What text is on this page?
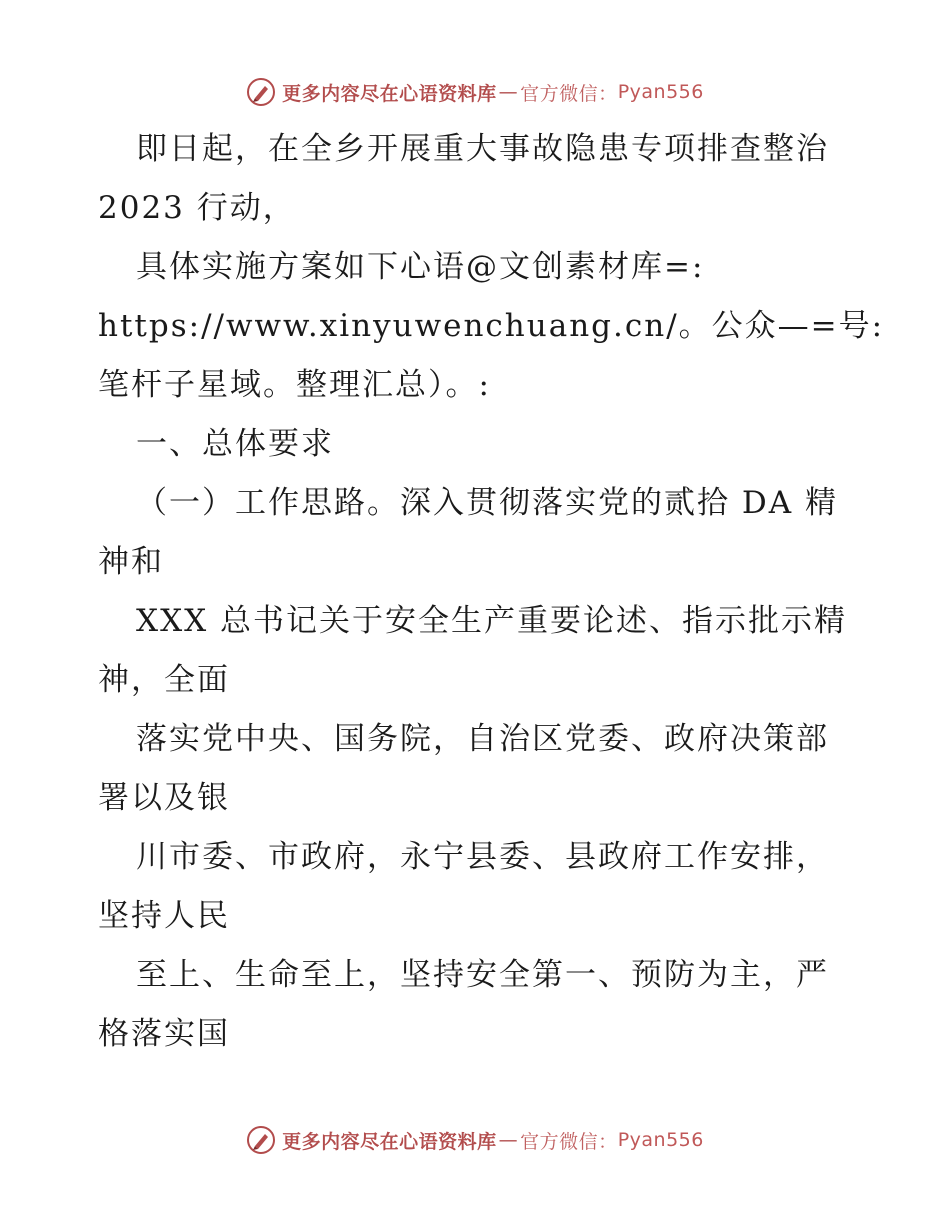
更多内容尽在心语资料库 — 官方微信： Pyan556
即日起，在全乡开展重大事故隐患专项排查整治
2023 行动，
具体实施方案如下心语@文创素材库=:
https://www.xinyuwenchuang.cn/。公众—=号:
笔杆子星域。整理汇总）。:
一、总体要求
（一）工作思路。深入贯彻落实党的贰拾 DA 精
神和
XXX 总书记关于安全生产重要论述、指示批示精
神，全面
落实党中央、国务院，自治区党委、政府决策部
署以及银
川市委、市政府，永宁县委、县政府工作安排，
坚持人民
至上、生命至上，坚持安全第一、预防为主，严
格落实国
更多内容尽在心语资料库 — 官方微信： Pyan556
